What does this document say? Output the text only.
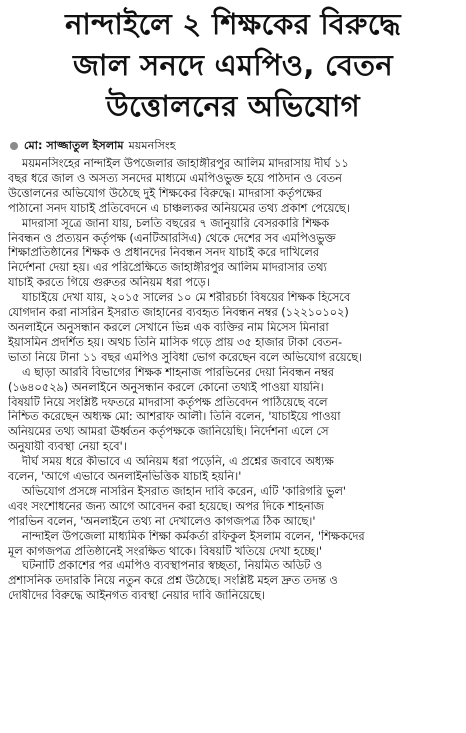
নান্দাইলে ২ শিক্ষকের বিরুদ্ধে
জাল সনদে এমপিও, বেতন
উত্তোলনের অভিযোগ
মো: সাজ্জাতুল ইসলাম ময়মনসিংহ

ময়মনসিংহের নান্দাইল উপজেলার জাহাঙ্গীরপুর আলিম মাদরাসায় দীর্ঘ ১১
বছর ধরে জাল ও অসত্য সনদের মাধ্যমে এমপিওভুক্ত হয়ে পাঠদান ও বেতন
উত্তোলনের অভিযোগ উঠেছে দুই শিক্ষকের বিরুদ্ধে। মাদরাসা কর্তৃপক্ষের
পাঠানো সনদ যাচাই প্রতিবেদনে এ চাঞ্চল্যকর অনিয়মের তথ্য প্রকাশ পেয়েছে।

মাদরাসা সূত্রে জানা যায়, চলতি বছরের ৭ জানুয়ারি বেসরকারি শিক্ষক
নিবন্ধন ও প্রত্যয়ন কর্তৃপক্ষ (এনটিআরসিএ) থেকে দেশের সব এমপিওভুক্ত
শিক্ষাপ্রতিষ্ঠানের শিক্ষক ও প্রধানদের নিবন্ধন সনদ যাচাই করে দাখিলের
নির্দেশনা দেয়া হয়। এর পরিপ্রেক্ষিতে জাহাঙ্গীরপুর আলিম মাদরাসার তথ্য
যাচাই করতে গিয়ে গুরুতর অনিয়ম ধরা পড়ে।

যাচাইয়ে দেখা যায়, ২০১৫ সালের ১০ মে শরীরচর্চা বিষয়ের শিক্ষক হিসেবে
যোগদান করা নাসরিন ইসরাত জাহানের ব্যবহৃত নিবন্ধন নম্বর (১২২১০১০২)
অনলাইনে অনুসন্ধান করলে সেখানে ভিন্ন এক ব্যক্তির নাম মিসেস মিনারা
ইয়াসমিন প্রদর্শিত হয়। অথচ তিনি মাসিক গড়ে প্রায় ৩৫ হাজার টাকা বেতন-
ভাতা নিয়ে টানা ১১ বছর এমপিও সুবিধা ভোগ করেছেন বলে অভিযোগ রয়েছে।

এ ছাড়া আরবি বিভাগের শিক্ষক শাহনাজ পারভিনের দেয়া নিবন্ধন নম্বর
(১৬৪০৫২৯) অনলাইনে অনুসন্ধান করলে কোনো তথ্যই পাওয়া যায়নি।
বিষয়টি নিয়ে সংশ্লিষ্ট দফতরে মাদরাসা কর্তৃপক্ষ প্রতিবেদন পাঠিয়েছে বলে
নিশ্চিত করেছেন অধ্যক্ষ মো: আশরাফ আলী। তিনি বলেন, 'যাচাইয়ে পাওয়া
অনিয়মের তথ্য আমরা ঊর্ধ্বতন কর্তৃপক্ষকে জানিয়েছি। নির্দেশনা এলে সে
অনুযায়ী ব্যবস্থা নেয়া হবে'।

দীর্ঘ সময় ধরে কীভাবে এ অনিয়ম ধরা পড়েনি, এ প্রশ্নের জবাবে অধ্যক্ষ
বলেন, 'আগে এভাবে অনলাইনভিত্তিক যাচাই হয়নি।'

অভিযোগ প্রসঙ্গে নাসরিন ইসরাত জাহান দাবি করেন, এটি 'কারিগরি ভুল'
এবং সংশোধনের জন্য আগে আবেদন করা হয়েছে। অপর দিকে শাহনাজ
পারভিন বলেন, 'অনলাইনে তথ্য না দেখালেও কাগজপত্র ঠিক আছে।'

নান্দাইল উপজেলা মাধ্যমিক শিক্ষা কর্মকর্তা রফিকুল ইসলাম বলেন, 'শিক্ষকদের
মূল কাগজপত্র প্রতিষ্ঠানেই সংরক্ষিত থাকে। বিষয়টি খতিয়ে দেখা হচ্ছে।'

ঘটনাটি প্রকাশের পর এমপিও ব্যবস্থাপনার স্বচ্ছতা, নিয়মিত অডিট ও
প্রশাসনিক তদারকি নিয়ে নতুন করে প্রশ্ন উঠেছে। সংশ্লিষ্ট মহল দ্রুত তদন্ত ও
দোষীদের বিরুদ্ধে আইনগত ব্যবস্থা নেয়ার দাবি জানিয়েছে।
